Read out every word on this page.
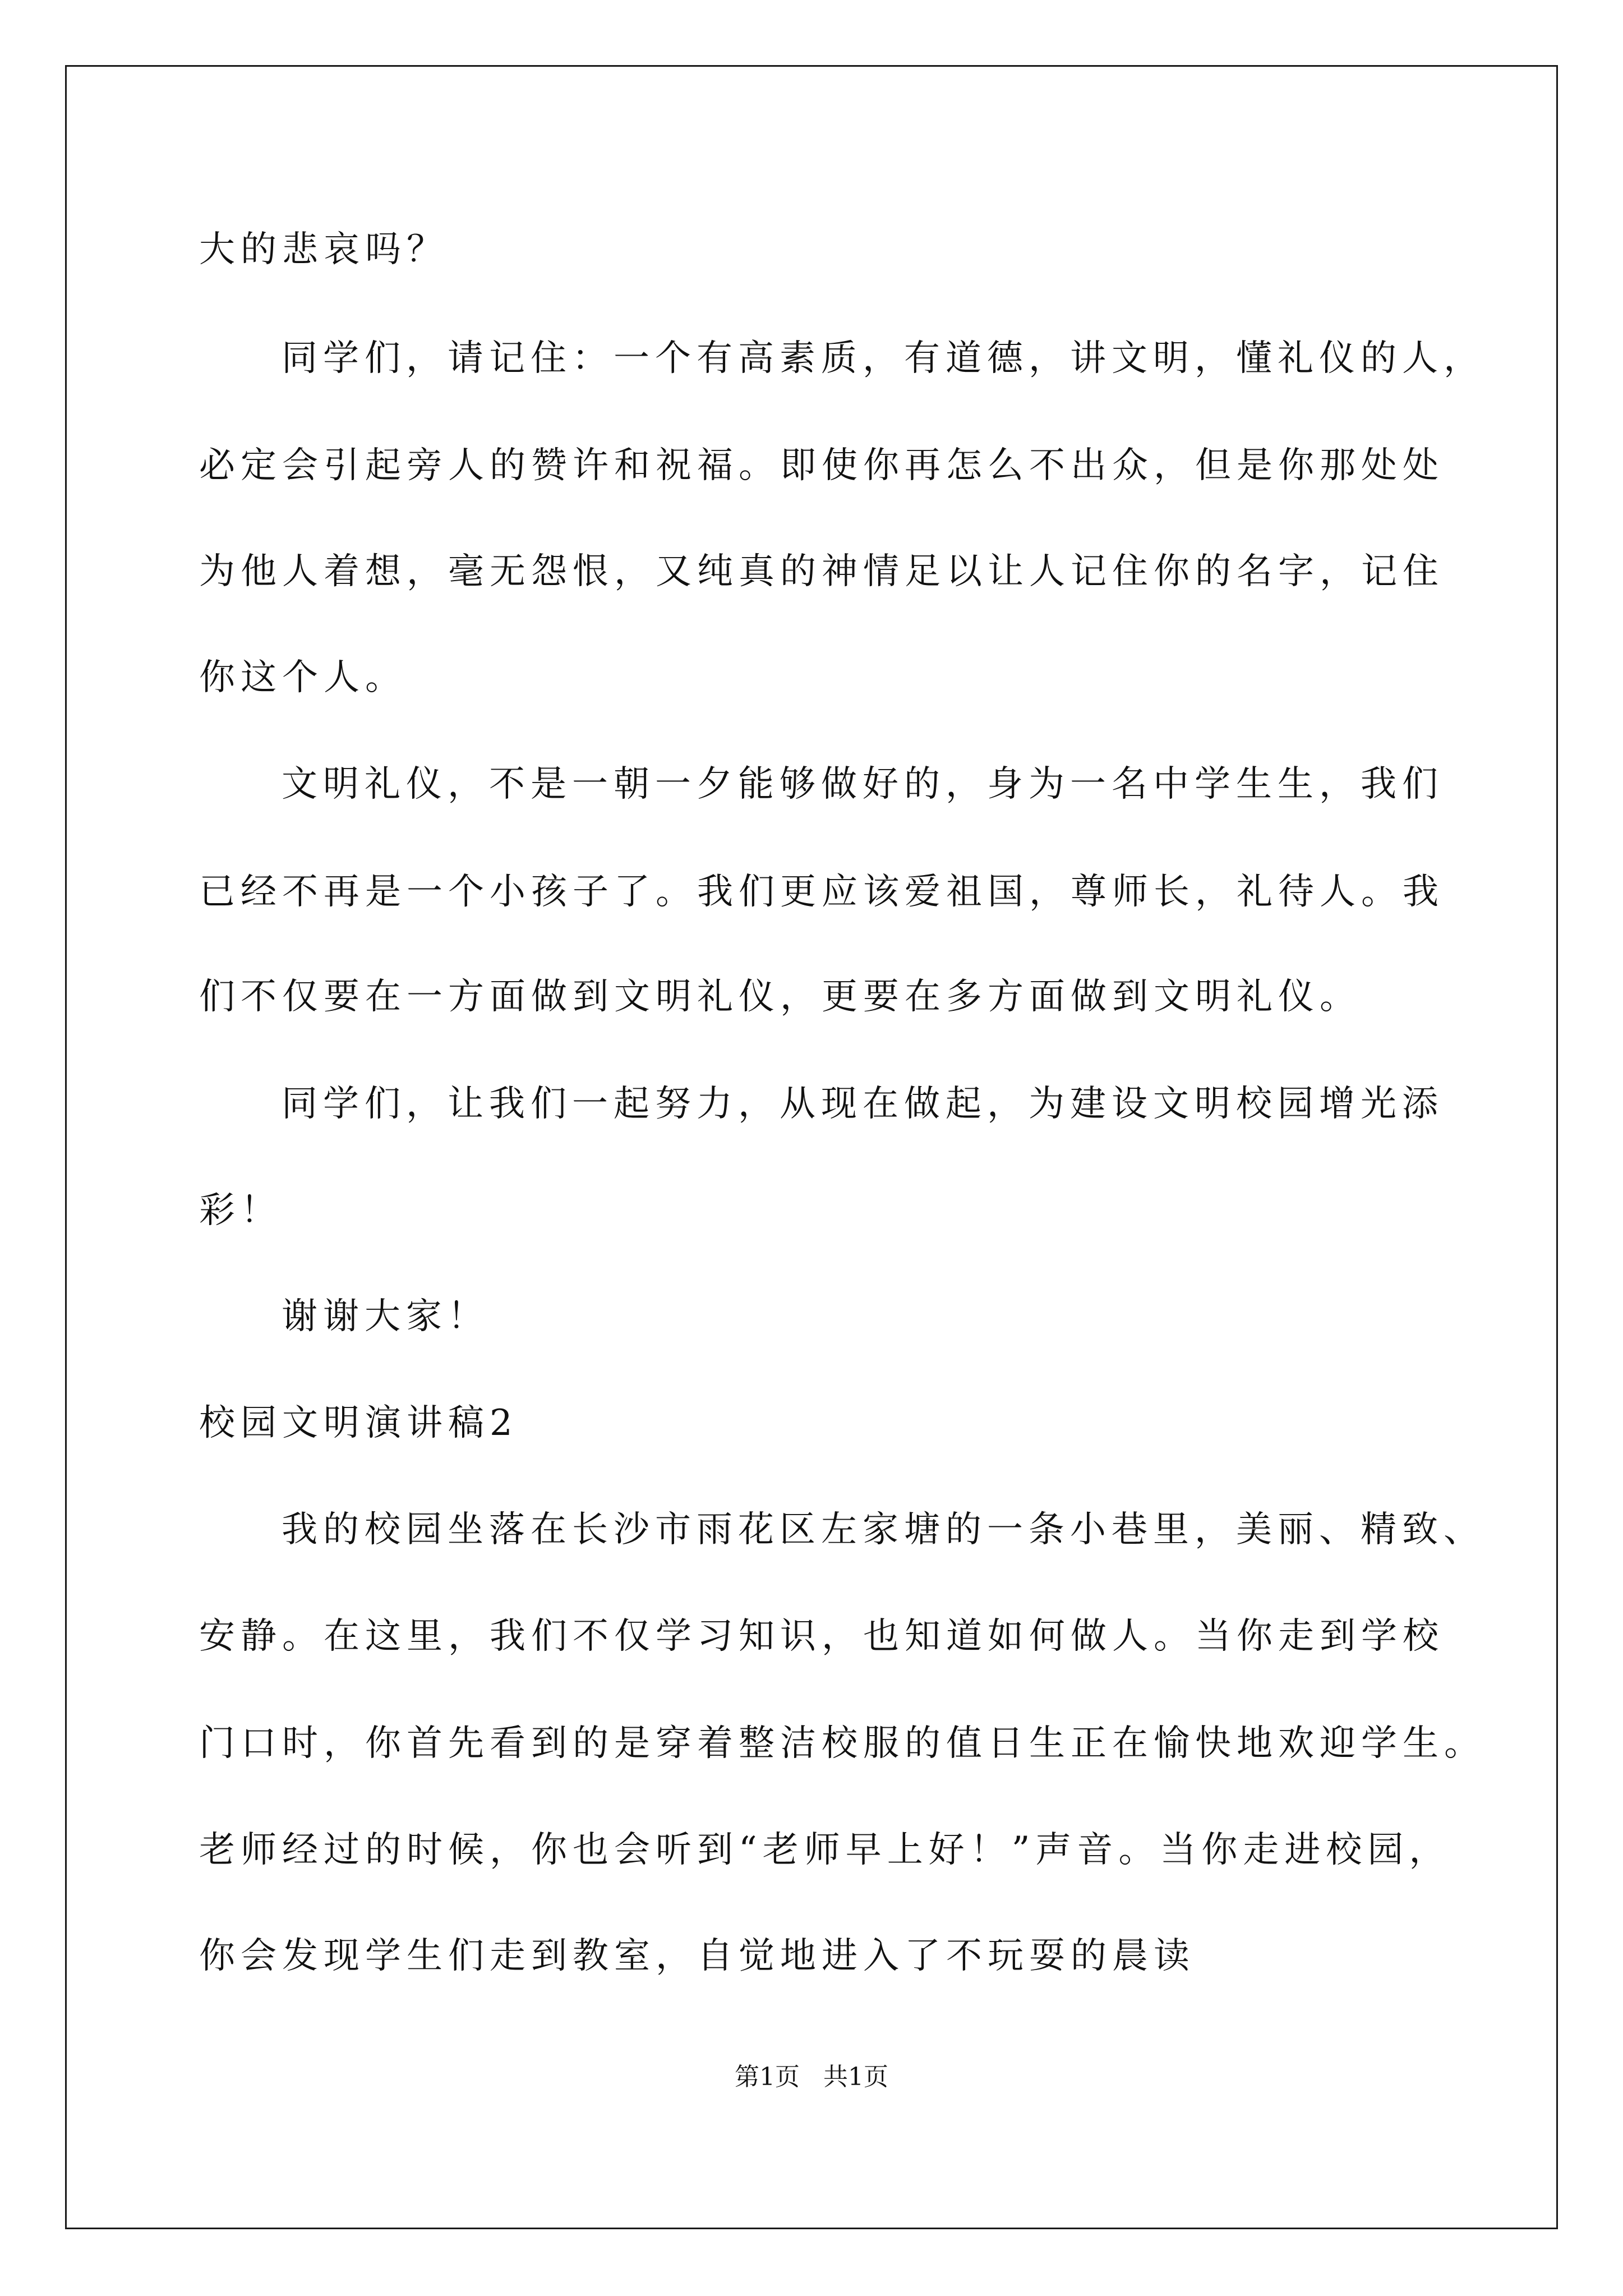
大的悲哀吗？
同学们，请记住：一个有高素质，有道德，讲文明，懂礼仪的人，
必定会引起旁人的赞许和祝福。即使你再怎么不出众，但是你那处处
为他人着想，毫无怨恨，又纯真的神情足以让人记住你的名字，记住
你这个人。
文明礼仪，不是一朝一夕能够做好的，身为一名中学生生，我们
已经不再是一个小孩子了。我们更应该爱祖国，尊师长，礼待人。我
们不仅要在一方面做到文明礼仪，更要在多方面做到文明礼仪。
同学们，让我们一起努力，从现在做起，为建设文明校园增光添
彩！
谢谢大家！
校园文明演讲稿2
我的校园坐落在长沙市雨花区左家塘的一条小巷里，美丽、精致、
安静。在这里，我们不仅学习知识，也知道如何做人。当你走到学校
门口时，你首先看到的是穿着整洁校服的值日生正在愉快地欢迎学生。
老师经过的时候，你也会听到“老师早上好！”声音。当你走进校园，
你会发现学生们走到教室，自觉地进入了不玩耍的晨读
第1页   共1页
